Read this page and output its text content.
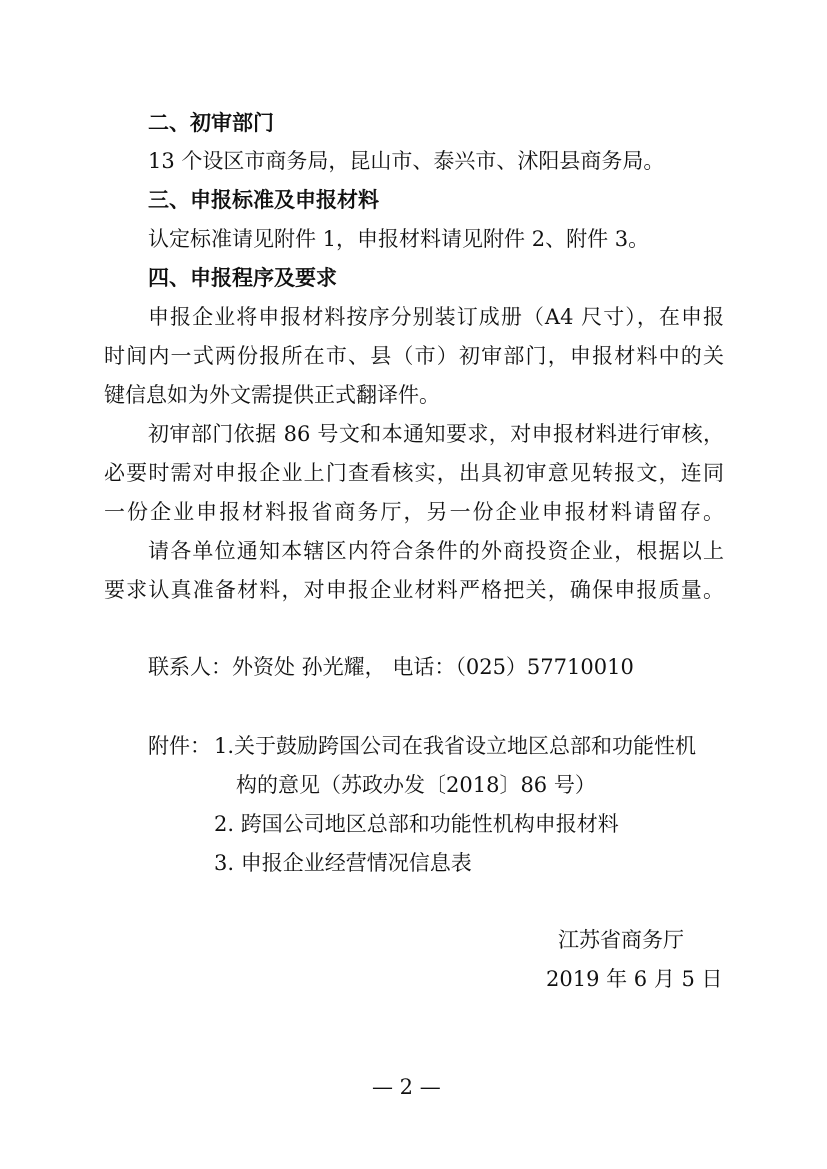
二、初审部门
13 个设区市商务局，昆山市、泰兴市、沭阳县商务局。
三、申报标准及申报材料
认定标准请见附件 1，申报材料请见附件 2、附件 3。
四、申报程序及要求
申报企业将申报材料按序分别装订成册（A4 尺寸），在申报
时间内一式两份报所在市、县（市）初审部门，申报材料中的关
键信息如为外文需提供正式翻译件。
初审部门依据 86 号文和本通知要求，对申报材料进行审核，
必要时需对申报企业上门查看核实，出具初审意见转报文，连同
一份企业申报材料报省商务厅，另一份企业申报材料请留存。
请各单位通知本辖区内符合条件的外商投资企业，根据以上
要求认真准备材料，对申报企业材料严格把关，确保申报质量。
联系人：外资处 孙光耀， 电话：（025）57710010
附件： 1.关于鼓励跨国公司在我省设立地区总部和功能性机
构的意见（苏政办发〔2018〕86 号）
2. 跨国公司地区总部和功能性机构申报材料
3. 申报企业经营情况信息表
江苏省商务厅
2019 年 6 月 5 日
— 2 —
